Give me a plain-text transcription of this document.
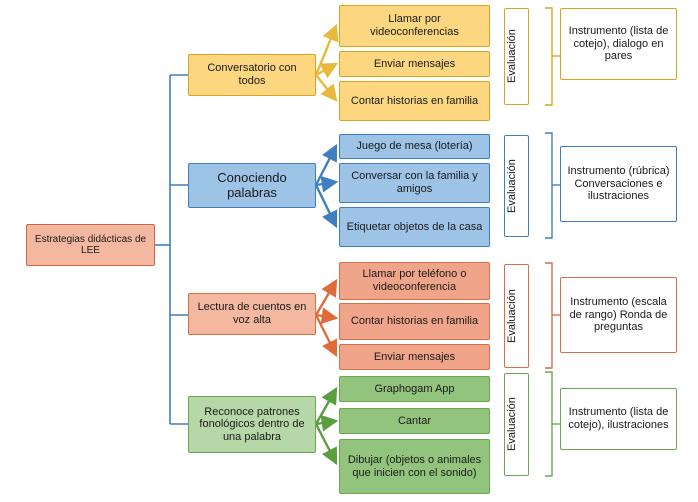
Estrategias didácticas de LEE
Conversatorio con todos
Llamar por videoconferencias
Enviar mensajes
Contar historias en familia
Evaluación	Instrumento (lista de cotejo), dialogo en pares
Conociendo palabras
Juego de mesa (lotería)
Conversar con la familia y amigos
Etiquetar objetos de la casa
Evaluación	Instrumento (rúbrica) Conversaciones e ilustraciones
Lectura de cuentos en voz alta
Llamar por teléfono o videoconferencia
Contar historias en familia
Enviar mensajes
Evaluación	Instrumento (escala de rango) Ronda de preguntas
Reconoce patrones fonológicos dentro de una palabra
Graphogam App
Cantar
Dibujar (objetos o animales que inicien con el sonido)
Evaluación	Instrumento (lista de cotejo), ilustraciones
